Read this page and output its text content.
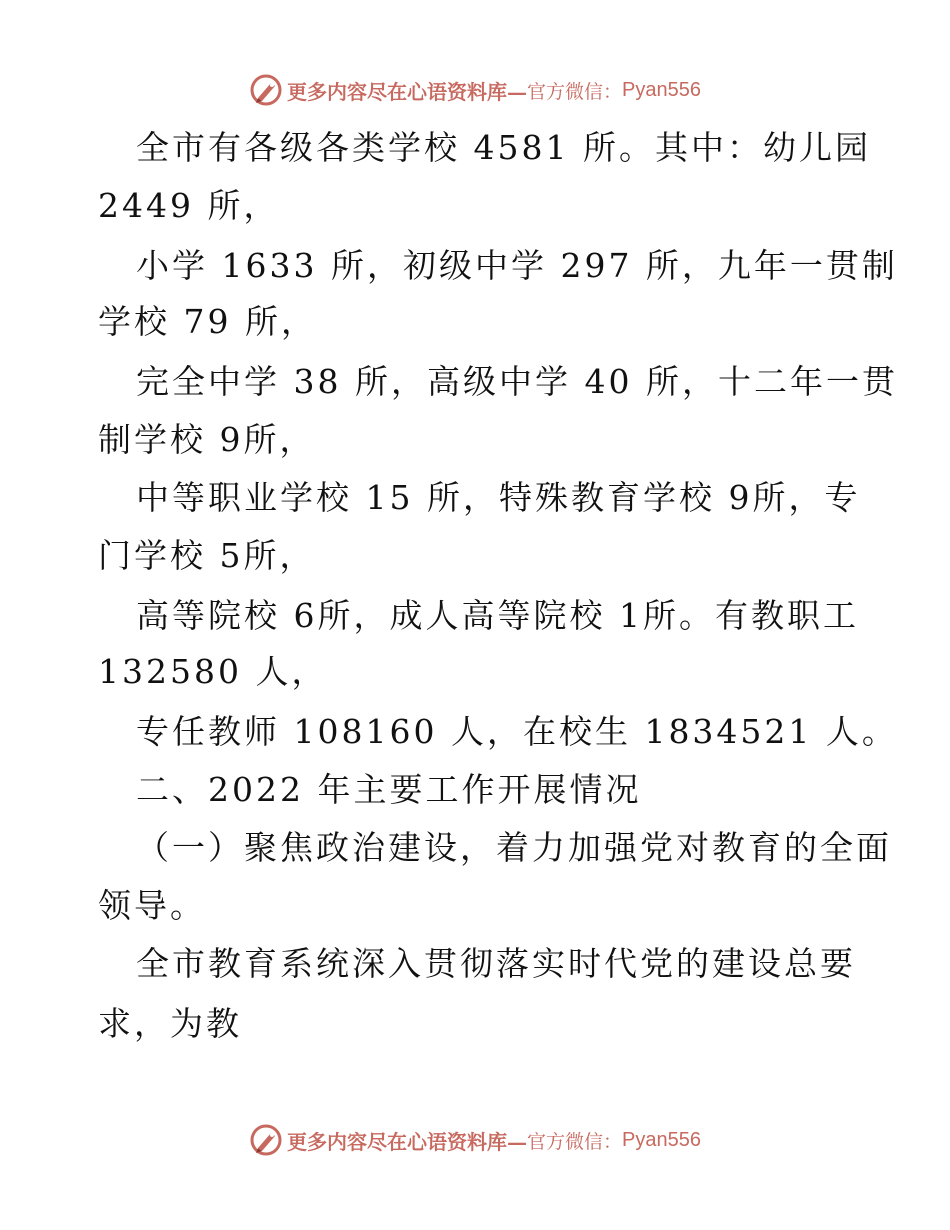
更多内容尽在心语资料库— 官方微信： Pyan556
全市有各级各类学校 4581 所。其中：幼儿园
2449 所，
小学 1633 所，初级中学 297 所，九年一贯制
学校 79 所，
完全中学 38 所，高级中学 40 所，十二年一贯
制学校 9所，
中等职业学校 15 所，特殊教育学校 9所，专
门学校 5所，
高等院校 6所，成人高等院校 1所。有教职工
132580 人，
专任教师 108160 人，在校生 1834521 人。
二、2022 年主要工作开展情况
（一）聚焦政治建设，着力加强党对教育的全面
领导。
全市教育系统深入贯彻落实时代党的建设总要
求，为教
更多内容尽在心语资料库— 官方微信： Pyan556
